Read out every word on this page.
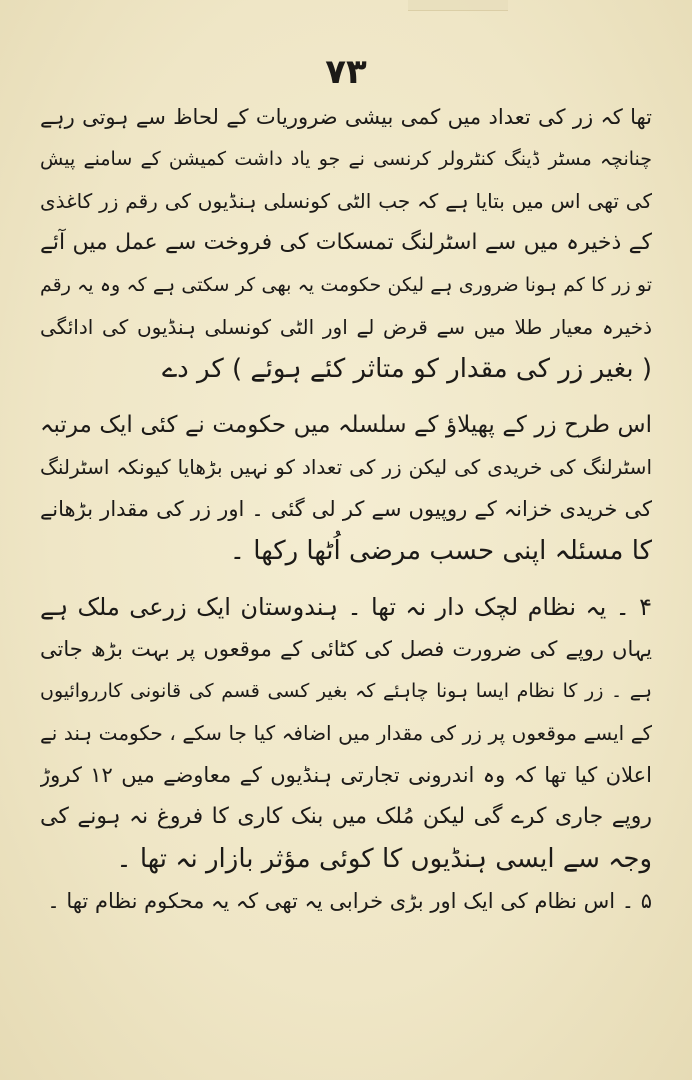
۷۳
تھا کہ زر کی تعداد میں کمی بیشی ضروریات کے لحاظ سے ہوتی رہے
چنانچہ مسٹر ڈینگ کنٹرولر کرنسی نے جو یاد داشت کمیشن کے سامنے پیش
کی تھی اس میں بتایا ہے کہ جب الٹی کونسلی ہنڈیوں کی رقم زر کاغذی
کے ذخیرہ میں سے اسٹرلنگ تمسکات کی فروخت سے عمل میں آئے
تو زر کا کم ہونا ضروری ہے لیکن حکومت یہ بھی کر سکتی ہے کہ وہ یہ رقم
ذخیرہ معیار طلا میں سے قرض لے اور الٹی کونسلی ہنڈیوں کی ادائگی
( بغیر زر کی مقدار کو متاثر کئے ہوئے ) کر دے
اس طرح زر کے پھیلاؤ کے سلسلہ میں حکومت نے کئی ایک مرتبہ
اسٹرلنگ کی خریدی کی لیکن زر کی تعداد کو نہیں بڑھایا کیونکہ اسٹرلنگ
کی خریدی خزانہ کے روپیوں سے کر لی گئی ۔ اور زر کی مقدار بڑھانے
کا مسئلہ اپنی حسب مرضی اُٹھا رکھا ۔
۴ ۔ یہ نظام لچک دار نہ تھا ۔ ہندوستان ایک زرعی ملک ہے
یہاں روپے کی ضرورت فصل کی کٹائی کے موقعوں پر بہت بڑھ جاتی
ہے ۔ زر کا نظام ایسا ہونا چاہئے کہ بغیر کسی قسم کی قانونی کارروائیوں
کے ایسے موقعوں پر زر کی مقدار میں اضافہ کیا جا سکے ، حکومت ہند نے
اعلان کیا تھا کہ وہ اندرونی تجارتی ہنڈیوں کے معاوضے میں ۱۲ کروڑ
روپے جاری کرے گی لیکن مُلک میں بنک کاری کا فروغ نہ ہونے کی
وجہ سے ایسی ہنڈیوں کا کوئی مؤثر بازار نہ تھا ۔
۵ ۔ اس نظام کی ایک اور بڑی خرابی یہ تھی کہ یہ محکوم نظام تھا ۔
